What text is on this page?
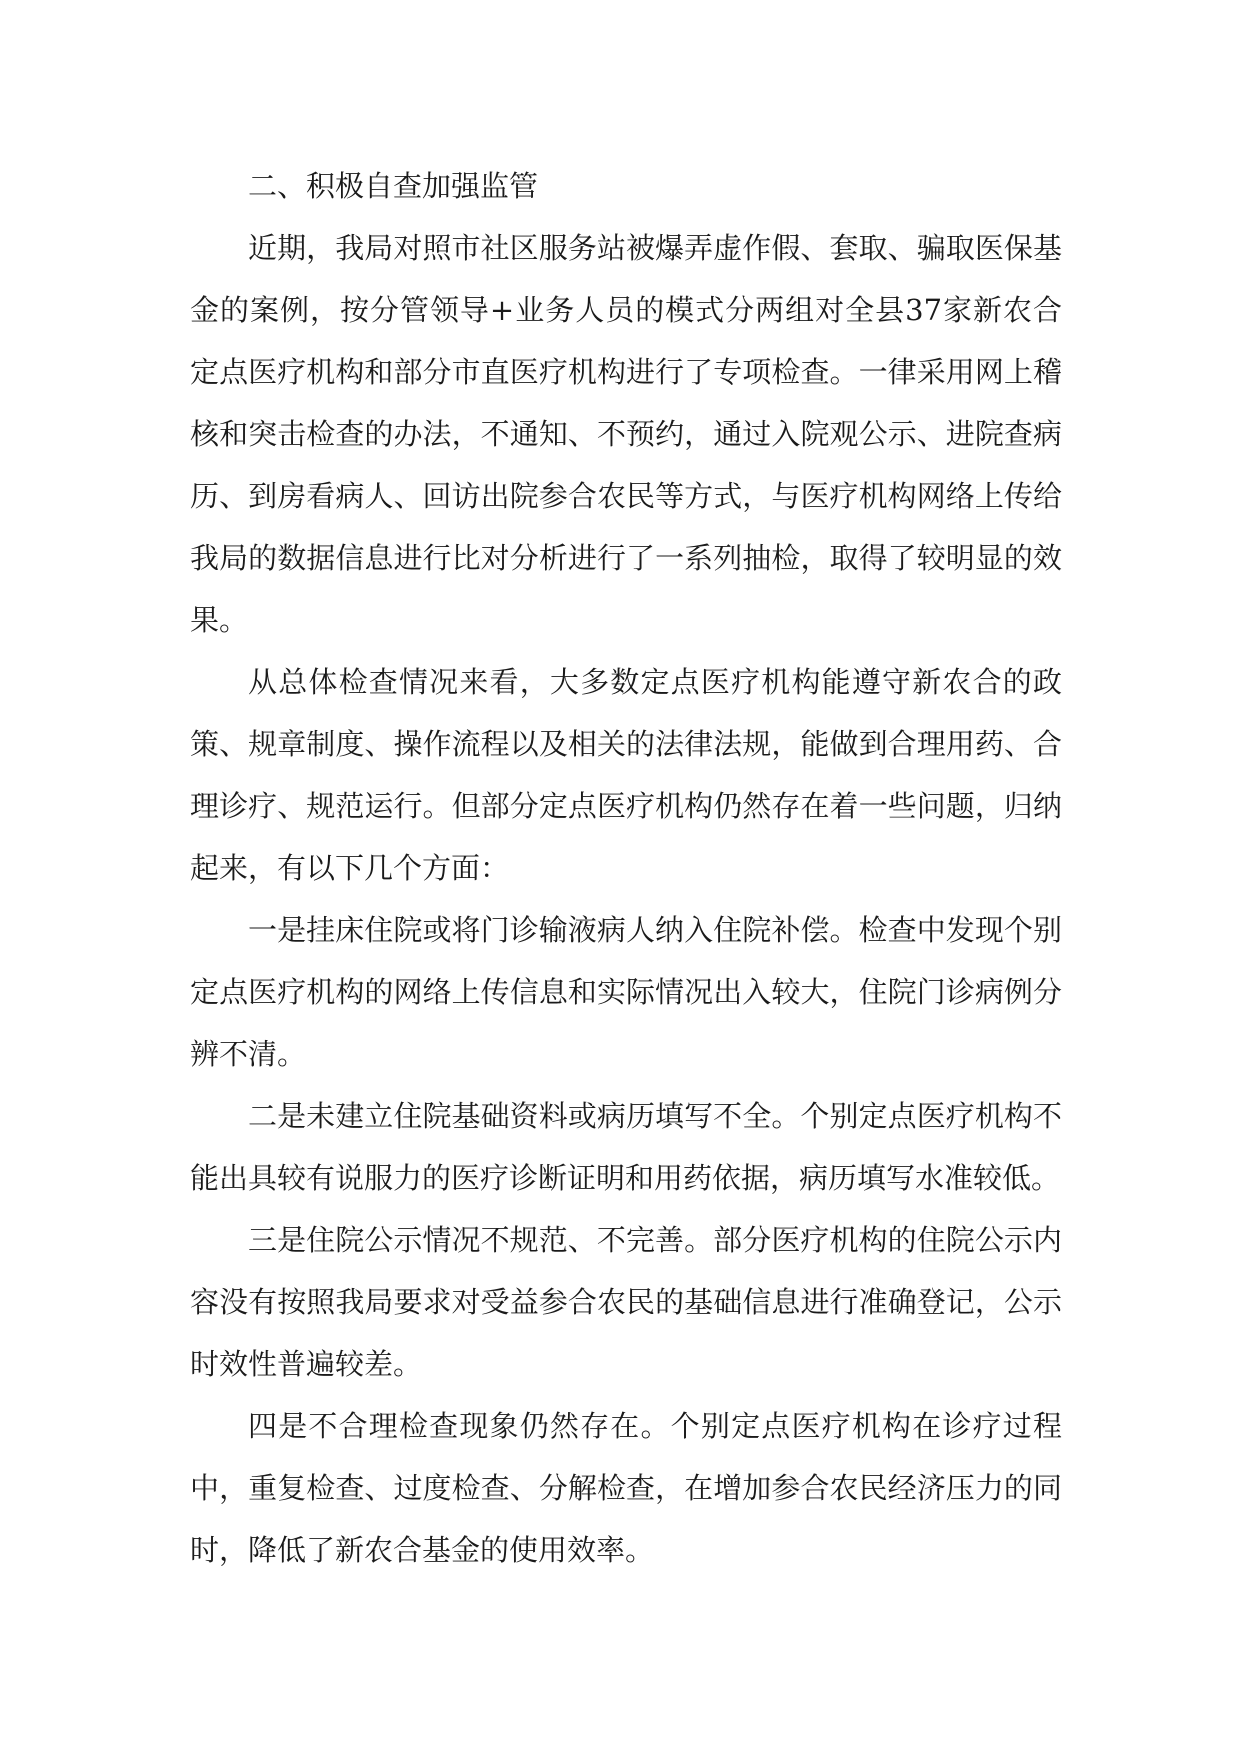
二、积极自查加强监管

近期，我局对照市社区服务站被爆弄虚作假、套取、骗取医保基金的案例，按分管领导+业务人员的模式分两组对全县37家新农合定点医疗机构和部分市直医疗机构进行了专项检查。一律采用网上稽核和突击检查的办法，不通知、不预约，通过入院观公示、进院查病历、到房看病人、回访出院参合农民等方式，与医疗机构网络上传给我局的数据信息进行比对分析进行了一系列抽检，取得了较明显的效果。

从总体检查情况来看，大多数定点医疗机构能遵守新农合的政策、规章制度、操作流程以及相关的法律法规，能做到合理用药、合理诊疗、规范运行。但部分定点医疗机构仍然存在着一些问题，归纳起来，有以下几个方面：

一是挂床住院或将门诊输液病人纳入住院补偿。检查中发现个别定点医疗机构的网络上传信息和实际情况出入较大，住院门诊病例分辨不清。

二是未建立住院基础资料或病历填写不全。个别定点医疗机构不能出具较有说服力的医疗诊断证明和用药依据，病历填写水准较低。

三是住院公示情况不规范、不完善。部分医疗机构的住院公示内容没有按照我局要求对受益参合农民的基础信息进行准确登记，公示时效性普遍较差。

四是不合理检查现象仍然存在。个别定点医疗机构在诊疗过程中，重复检查、过度检查、分解检查，在增加参合农民经济压力的同时，降低了新农合基金的使用效率。
